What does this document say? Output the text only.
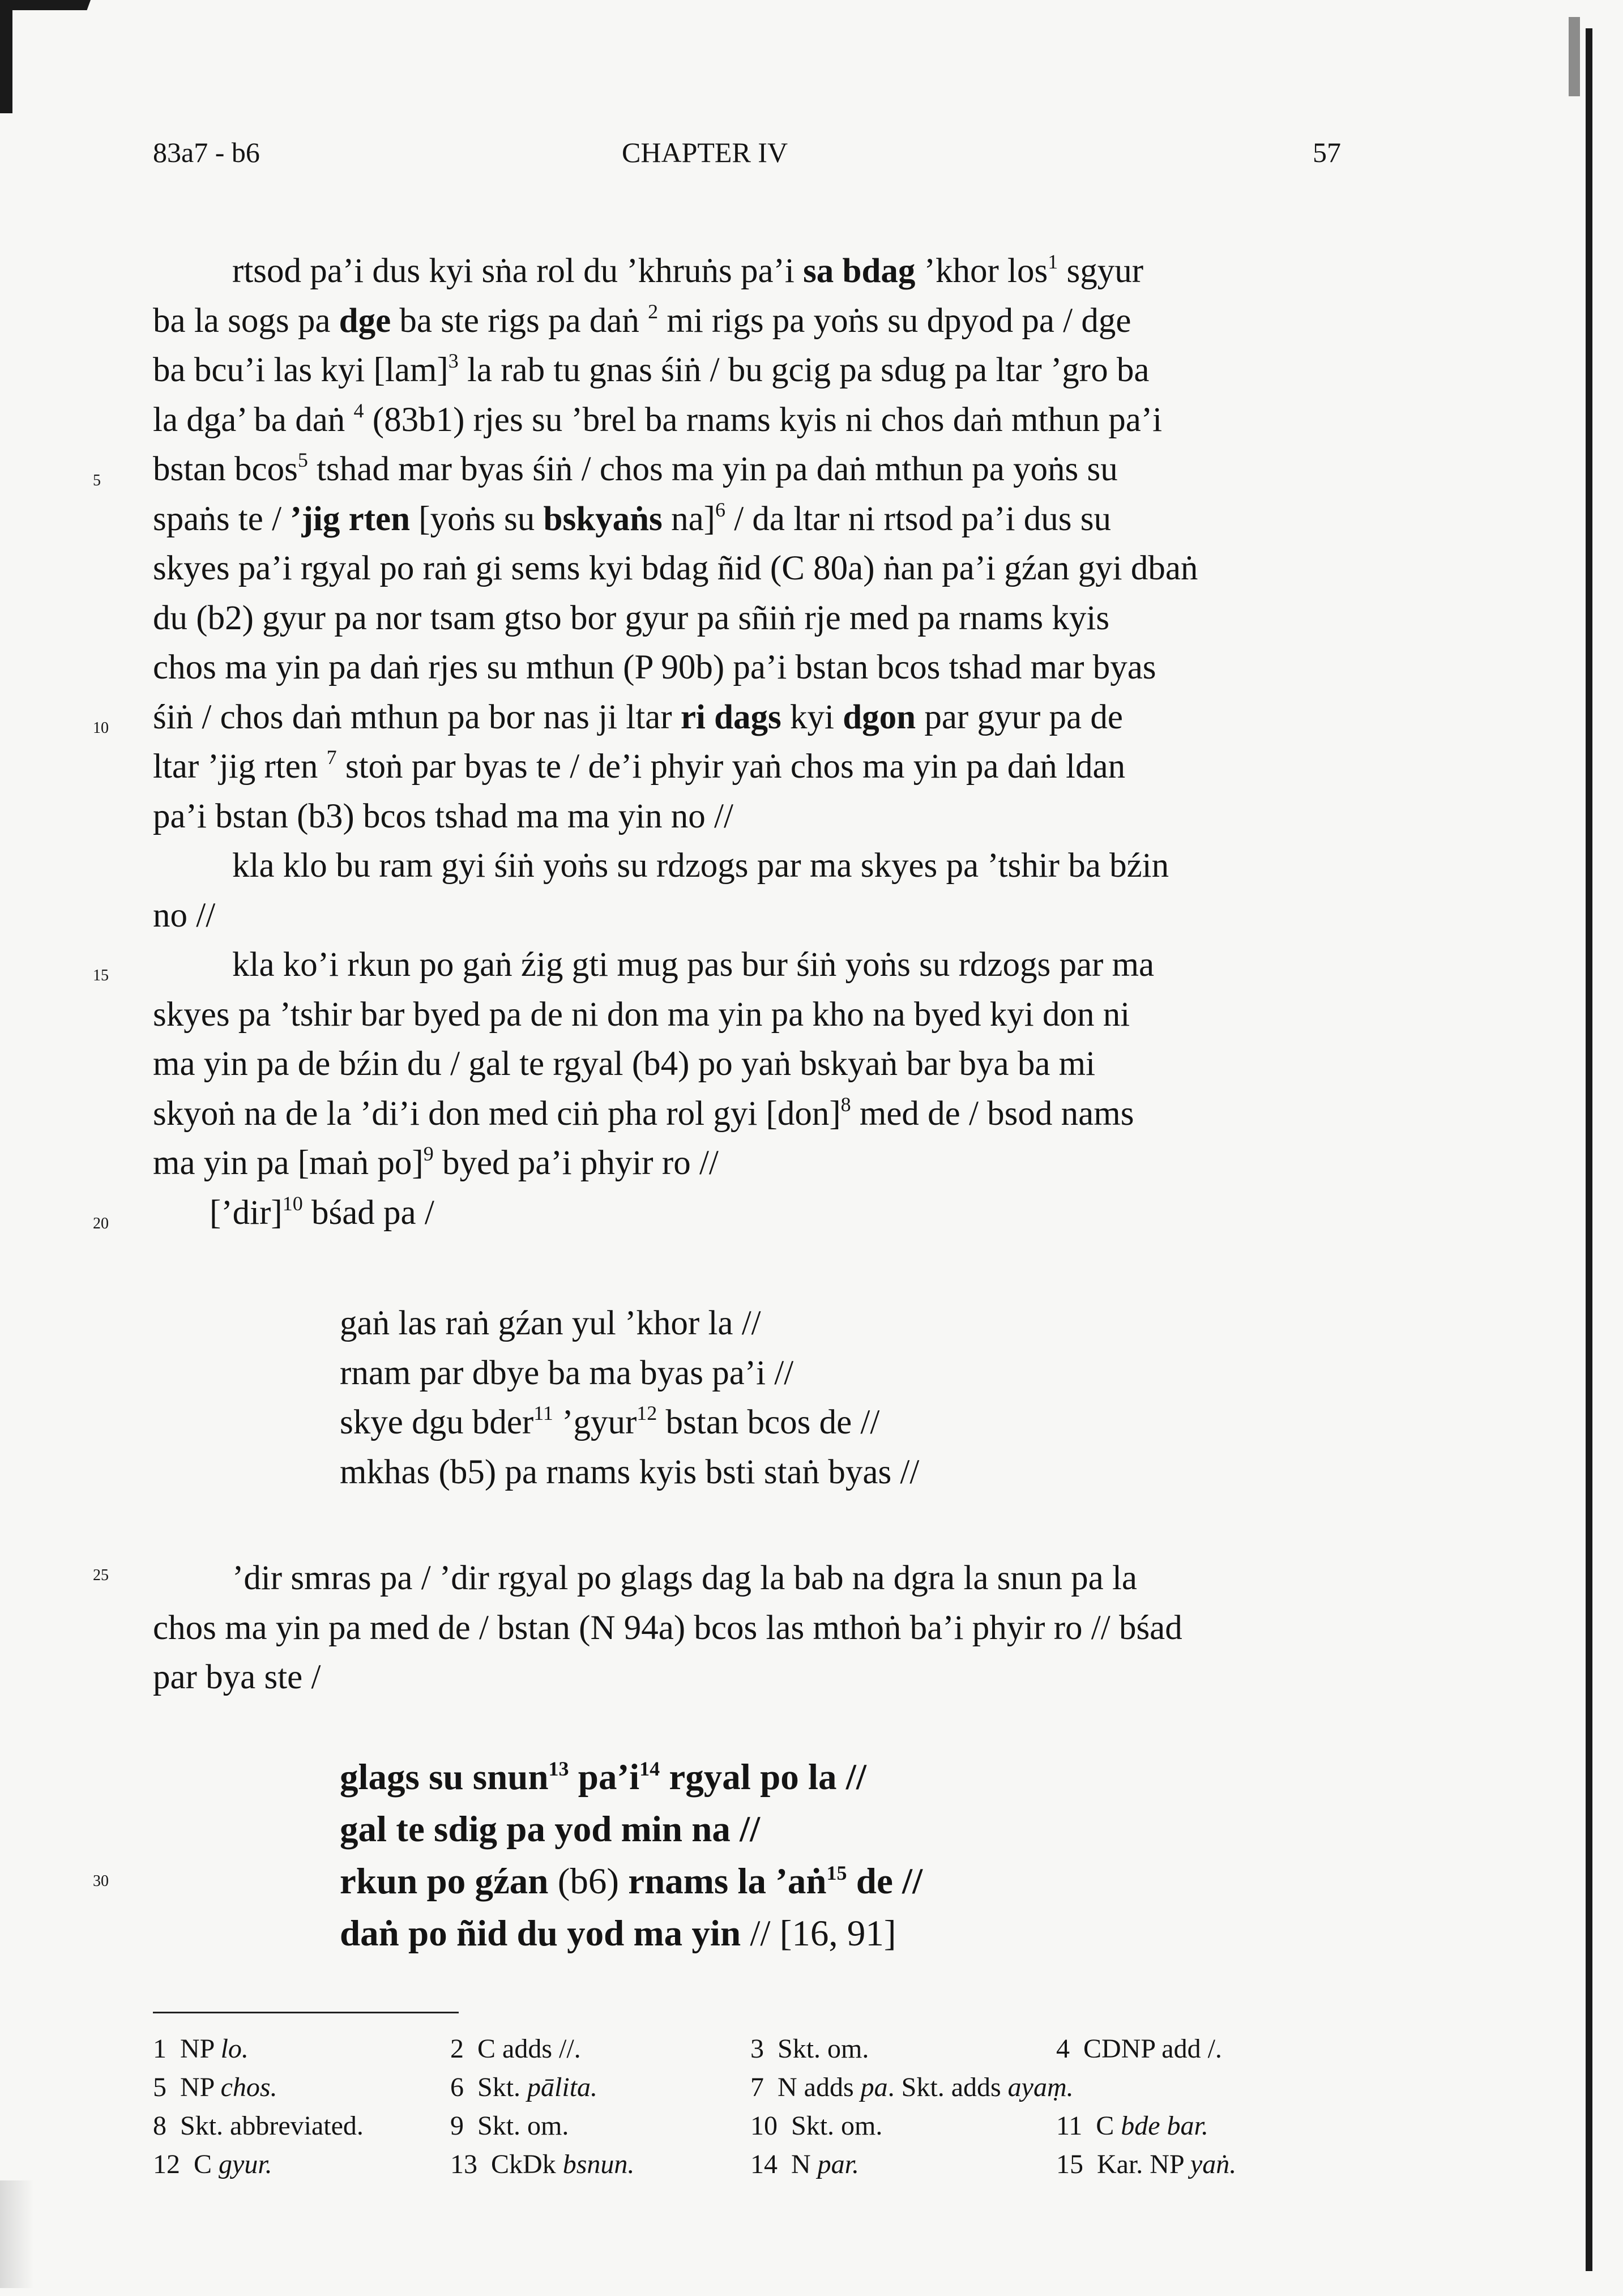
83a7 - b6	CHAPTER IV	57
5
10
15
20
25
30
rtsod pa’i dus kyi sṅa rol du ’khruṅs pa’i sa bdag ’khor los$^1$ sgyur
ba la sogs pa dge ba ste rigs pa daṅ $^2$ mi rigs pa yoṅs su dpyod pa / dge
ba bcu’i las kyi [lam]$^3$ la rab tu gnas śiṅ / bu gcig pa sdug pa ltar ’gro ba
la dga’ ba daṅ $^4$ (83b1) rjes su ’brel ba rnams kyis ni chos daṅ mthun pa’i
bstan bcos$^5$ tshad mar byas śiṅ / chos ma yin pa daṅ mthun pa yoṅs su
spaṅs te / ’jig rten [yoṅs su bskyaṅs na]$^6$ / da ltar ni rtsod pa’i dus su
skyes pa’i rgyal po raṅ gi sems kyi bdag ñid (C 80a) ṅan pa’i gźan gyi dbaṅ
du (b2) gyur pa nor tsam gtso bor gyur pa sñiṅ rje med pa rnams kyis
chos ma yin pa daṅ rjes su mthun (P 90b) pa’i bstan bcos tshad mar byas
śiṅ / chos daṅ mthun pa bor nas ji ltar ri dags kyi dgon par gyur pa de
ltar ’jig rten $^7$ stoṅ par byas te / de’i phyir yaṅ chos ma yin pa daṅ ldan
pa’i bstan (b3) bcos tshad ma ma yin no //
kla klo bu ram gyi śiṅ yoṅs su rdzogs par ma skyes pa ’tshir ba bźin
no //
kla ko’i rkun po gaṅ źig gti mug pas bur śiṅ yoṅs su rdzogs par ma
skyes pa ’tshir bar byed pa de ni don ma yin pa kho na byed kyi don ni
ma yin pa de bźin du / gal te rgyal (b4) po yaṅ bskyaṅ bar bya ba mi
skyoṅ na de la ’di’i don med ciṅ pha rol gyi [don]$^8$ med de / bsod nams
ma yin pa [maṅ po]$^9$ byed pa’i phyir ro //
[’dir]$^{10}$ bśad pa /
gaṅ las raṅ gźan yul ’khor la //
rnam par dbye ba ma byas pa’i //
skye dgu bder$^{11}$ ’gyur$^{12}$ bstan bcos de //
mkhas (b5) pa rnams kyis bsti staṅ byas //
’dir smras pa / ’dir rgyal po glags dag la bab na dgra la snun pa la
chos ma yin pa med de / bstan (N 94a) bcos las mthoṅ ba’i phyir ro // bśad
par bya ste /
glags su snun$^{13}$ $pa’i^{14}$ rgyal po la //
gal te sdig pa yod min na //
rkun po gźan (b6) rnams la ’aṅ$^{15}$ de //
daṅ po ñid du yod ma yin // [16, 91]
1 NP lo.	2 C adds //.	3 Skt. om.	4 CDNP add /.
5 NP chos.	6 Skt. pālita.	7 N adds pa. Skt. adds ayaṃ.
8 Skt. abbreviated.	9 Skt. om.	10 Skt. om.	11 C bde bar.
12 C gyur.	13 CkDk bsnun.	14 N par.	15 Kar. NP yaṅ.
